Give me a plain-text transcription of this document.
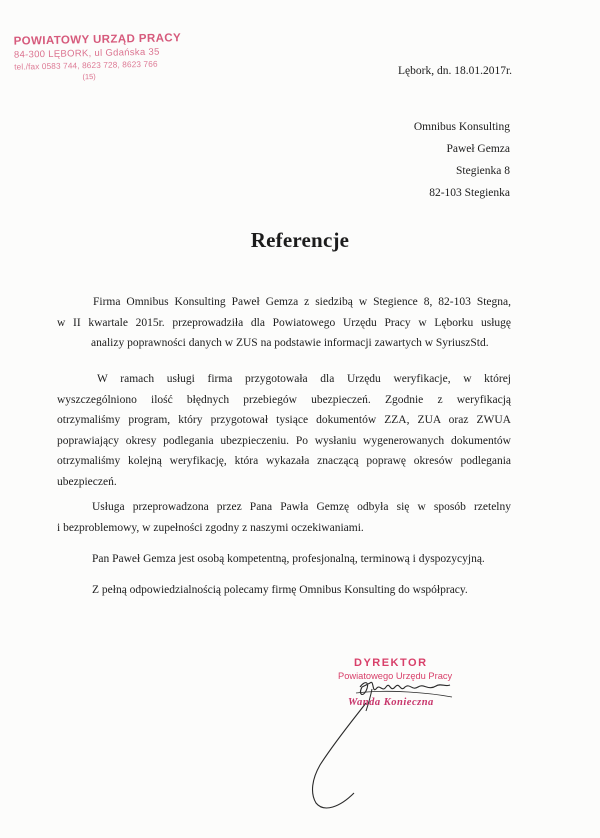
POWIATOWY URZĄD PRACY
84-300 LĘBORK, ul Gdańska 35
tel./fax 0583 744, 8623 728, 8623 766
(15)	Lębork, dn. 18.01.2017r.
Omnibus Konsulting
Paweł Gemza
Stegienka 8
82-103 Stegienka
Referencje
Firma Omnibus Konsulting Paweł Gemza z siedzibą w Stegience 8, 82-103 Stegna,
w II kwartale 2015r. przeprowadziła dla Powiatowego Urzędu Pracy w Lęborku usługę
analizy poprawności danych w ZUS na podstawie informacji zawartych w SyriuszStd.
W ramach usługi firma przygotowała dla Urzędu weryfikacje, w której
wyszczególniono ilość błędnych przebiegów ubezpieczeń. Zgodnie z weryfikacją
otrzymaliśmy program, który przygotował tysiące dokumentów ZZA, ZUA oraz ZWUA
poprawiający okresy podlegania ubezpieczeniu. Po wysłaniu wygenerowanych dokumentów
otrzymaliśmy kolejną weryfikację, która wykazała znaczącą poprawę okresów podlegania
ubezpieczeń.
Usługa przeprowadzona przez Pana Pawła Gemzę odbyła się w sposób rzetelny
i bezproblemowy, w zupełności zgodny z naszymi oczekiwaniami.
Pan Paweł Gemza jest osobą kompetentną, profesjonalną, terminową i dyspozycyjną.
Z pełną odpowiedzialnością polecamy firmę Omnibus Konsulting do współpracy.
DYREKTOR
Powiatowego Urzędu Pracy
Wanda Konieczna
